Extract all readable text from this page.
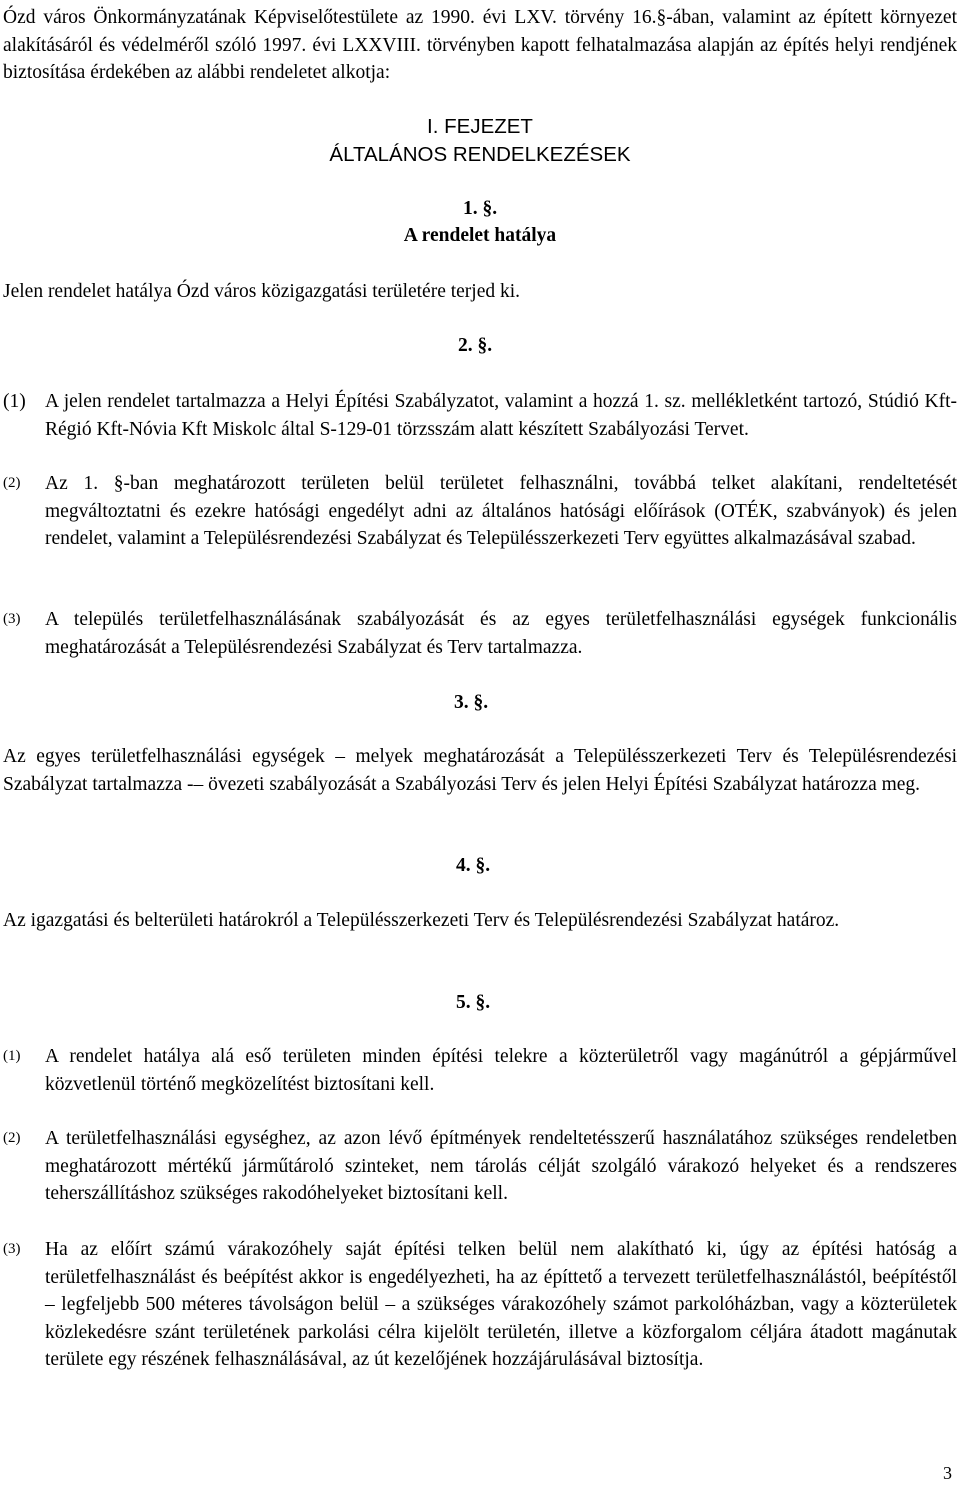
Ózd város Önkormányzatának Képviselőtestülete az 1990. évi LXV. törvény 16.§-ában, valamint az épített környezet alakításáról és védelméről szóló 1997. évi LXXVIII. törvényben kapott felhatalmazása alapján az építés helyi rendjének biztosítása érdekében az alábbi rendeletet alkotja:

I. FEJEZET
ÁLTALÁNOS RENDELKEZÉSEK
1. §.
A rendelet hatálya

Jelen rendelet hatálya Ózd város közigazgatási területére terjed ki.

2. §.
(1) A jelen rendelet tartalmazza a Helyi Építési Szabályzatot, valamint a hozzá 1. sz. mellékletként tartozó, Stúdió Kft-Régió Kft-Nóvia Kft Miskolc által S-129-01 törzsszám alatt készített Szabályozási Tervet.

(2)	Az 1. §-ban meghatározott területen belül területet felhasználni, továbbá telket alakítani, rendeltetését megváltoztatni és ezekre hatósági engedélyt adni az általános hatósági előírások (OTÉK, szabványok) és jelen rendelet, valamint a Településrendezési Szabályzat és Településszerkezeti Terv együttes alkalmazásával szabad.

(3)	A település területfelhasználásának szabályozását és az egyes területfelhasználási egységek funkcionális meghatározását a Településrendezési Szabályzat és Terv tartalmazza.

3. §.

Az egyes területfelhasználási egységek – melyek meghatározását a Településszerkezeti Terv és Településrendezési Szabályzat tartalmazza -– övezeti szabályozását a Szabályozási Terv és jelen Helyi Építési Szabályzat határozza meg.

4. §.

Az igazgatási és belterületi határokról a Településszerkezeti Terv és Településrendezési Szabályzat határoz.

5. §.
(1)	A rendelet hatálya alá eső területen minden építési telekre a közterületről vagy magánútról a gépjárművel közvetlenül történő megközelítést biztosítani kell.

(2)	A területfelhasználási egységhez, az azon lévő építmények rendeltetésszerű használatához szükséges rendeletben meghatározott mértékű járműtároló szinteket, nem tárolás célját szolgáló várakozó helyeket és a rendszeres teherszállításhoz szükséges rakodóhelyeket biztosítani kell.

(3)	Ha az előírt számú várakozóhely saját építési telken belül nem alakítható ki, úgy az építési hatóság a területfelhasználást és beépítést akkor is engedélyezheti, ha az építtető a tervezett területfelhasználástól, beépítéstől – legfeljebb 500 méteres távolságon belül – a szükséges várakozóhely számot parkolóházban, vagy a közterületek közlekedésre szánt területének parkolási célra kijelölt területén, illetve a közforgalom céljára átadott magánutak területe egy részének felhasználásával, az út kezelőjének hozzájárulásával biztosítja.

3
